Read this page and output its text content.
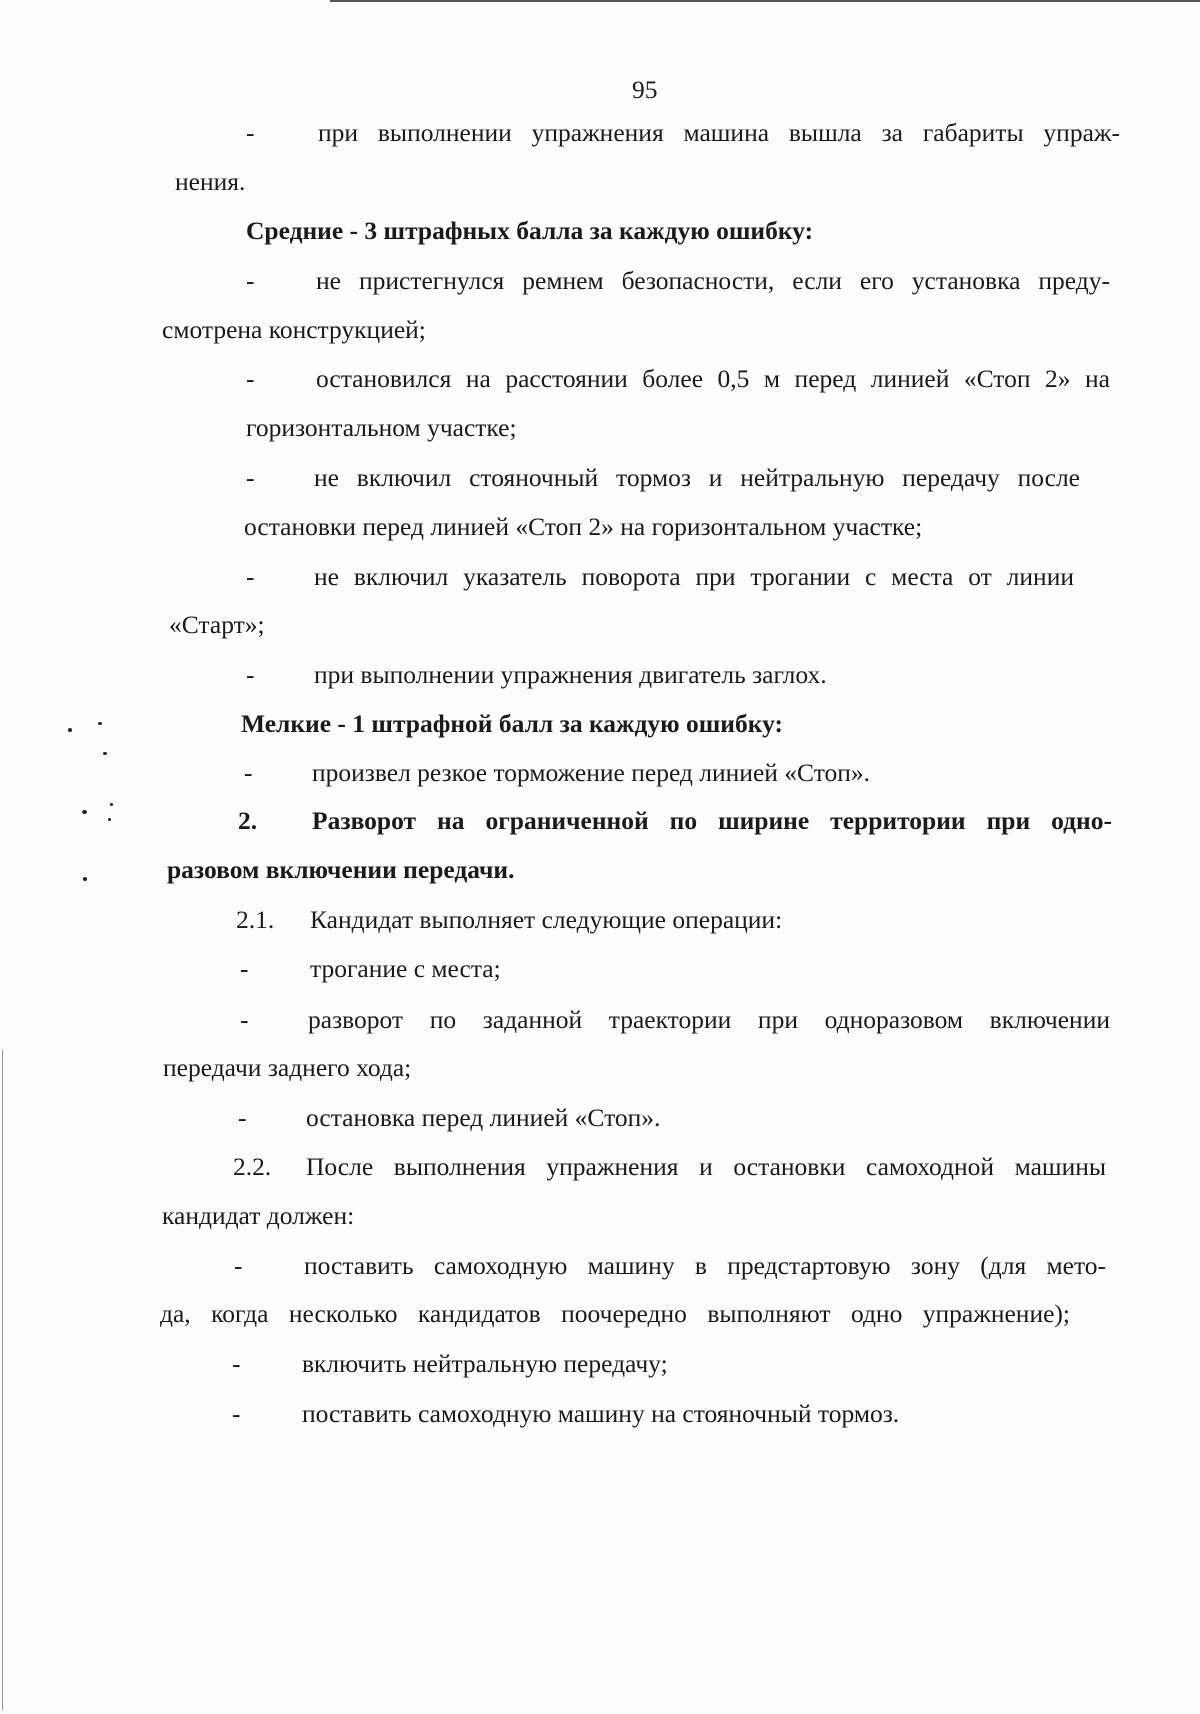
95
- при выполнении упражнения машина вышла за габариты упраж-
нения.
Средние - 3 штрафных балла за каждую ошибку:
- не пристегнулся ремнем безопасности, если его установка преду-
смотрена конструкцией;
- остановился на расстоянии более 0,5 м перед линией «Стоп 2» на
горизонтальном участке;
- не включил стояночный тормоз и нейтральную передачу после
остановки перед линией «Стоп 2» на горизонтальном участке;
- не включил указатель поворота при трогании с места от линии
«Старт»;
- при выполнении упражнения двигатель заглох.
Мелкие - 1 штрафной балл за каждую ошибку:
- произвел резкое торможение перед линией «Стоп».
2. Разворот на ограниченной по ширине территории при одно-
разовом включении передачи.
2.1. Кандидат выполняет следующие операции:
- трогание с места;
- разворот по заданной траектории при одноразовом включении
передачи заднего хода;
- остановка перед линией «Стоп».
2.2. После выполнения упражнения и остановки самоходной машины
кандидат должен:
- поставить самоходную машину в предстартовую зону (для мето-
да, когда несколько кандидатов поочередно выполняют одно упражнение);
- включить нейтральную передачу;
- поставить самоходную машину на стояночный тормоз.
